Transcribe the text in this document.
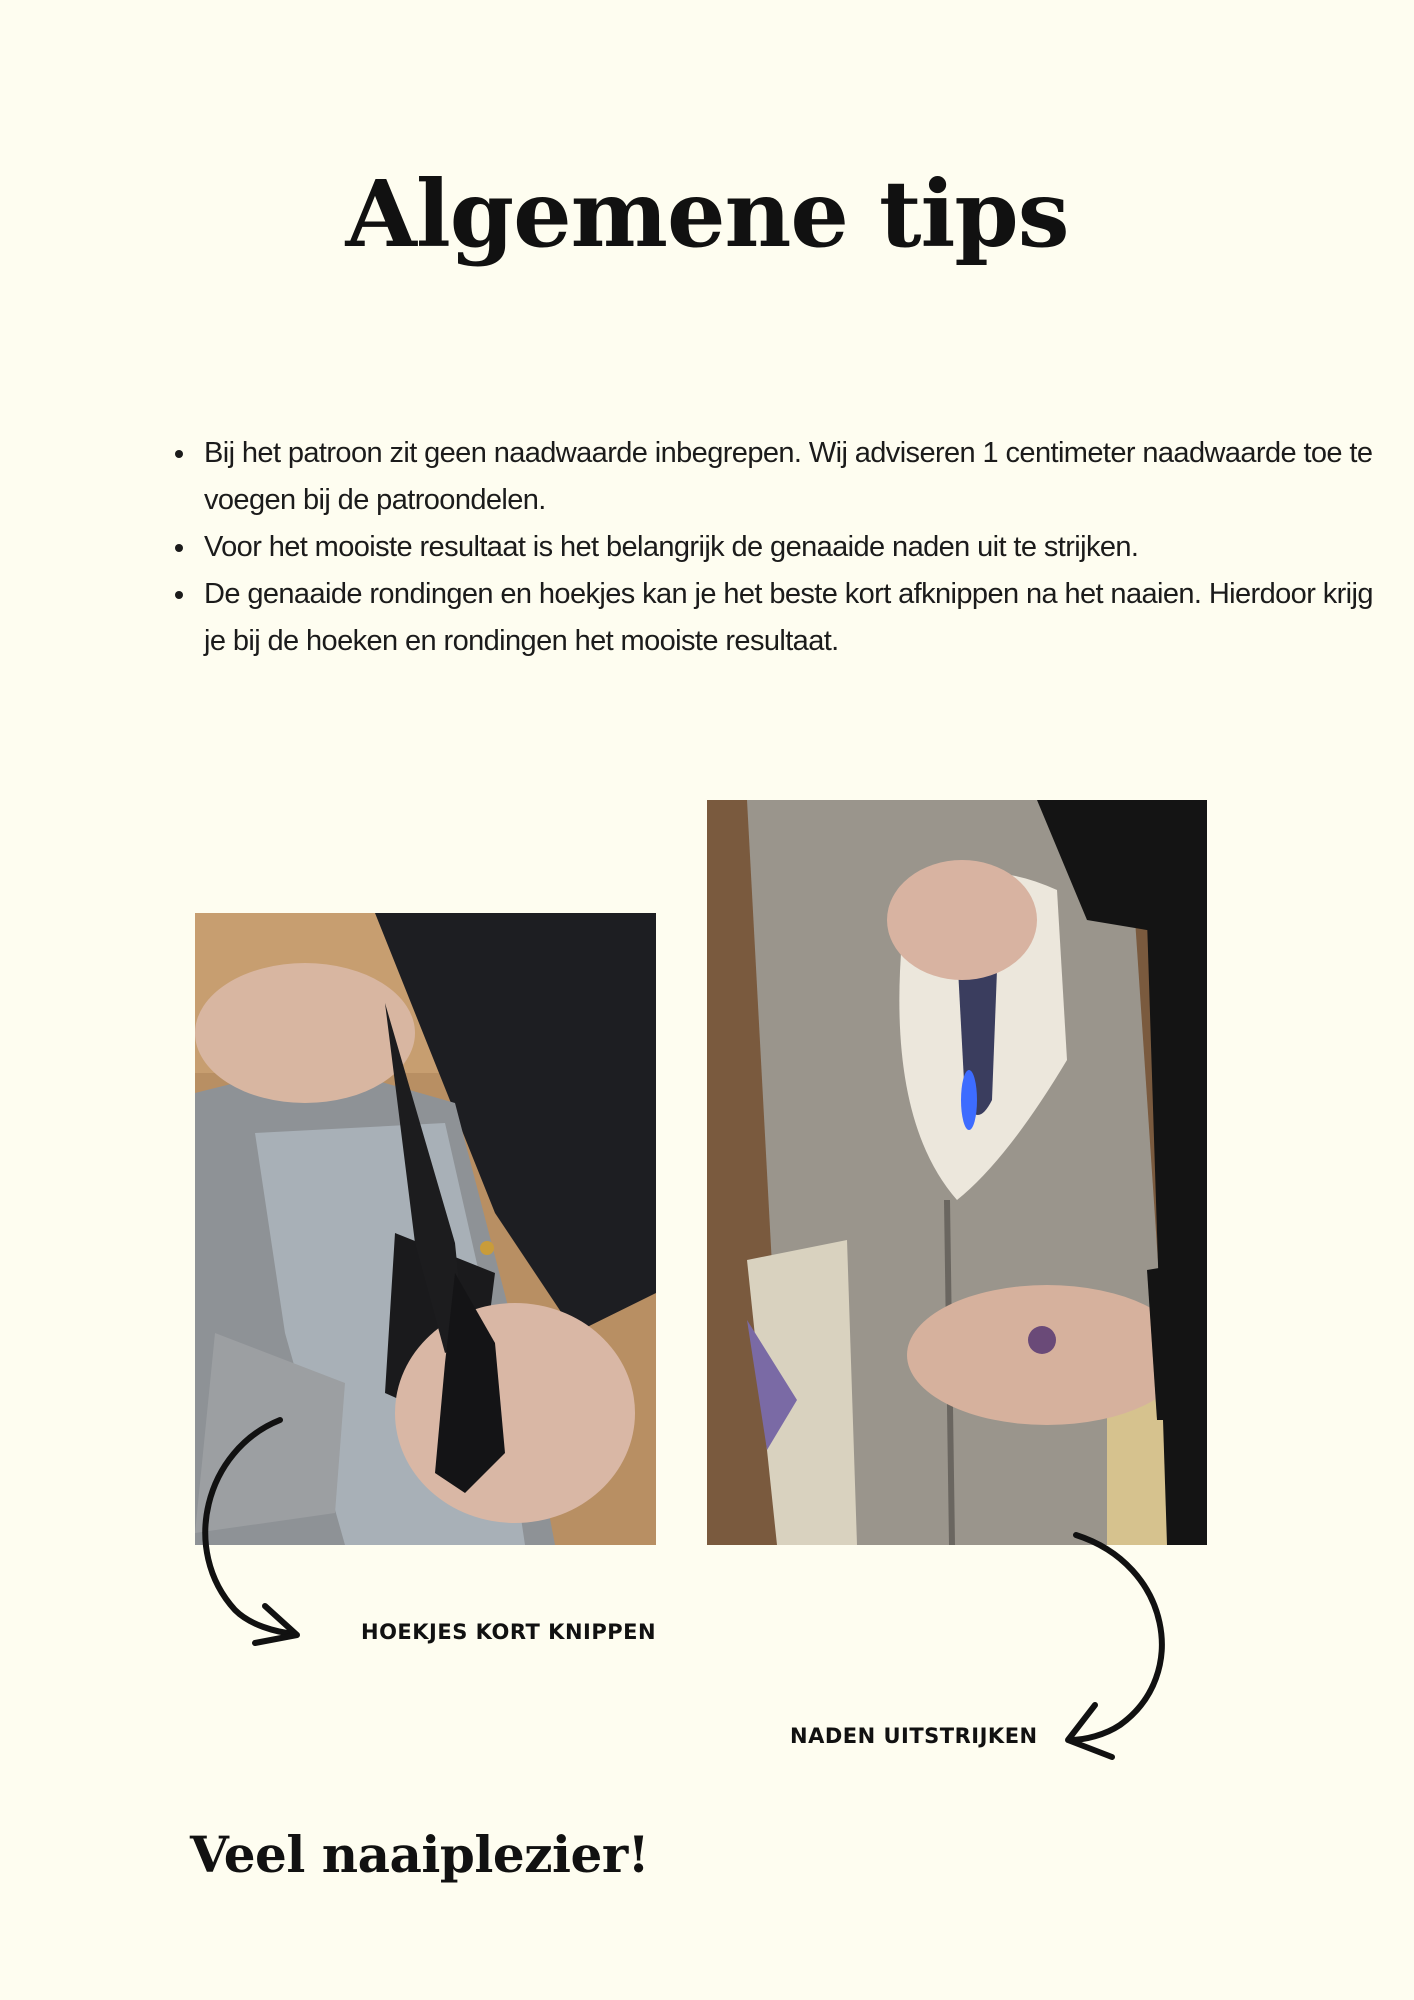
Algemene tips
• Bij het patroon zit geen naadwaarde inbegrepen. Wij adviseren 1 centimeter naadwaarde toe te voegen bij de patroondelen.
• Voor het mooiste resultaat is het belangrijk de genaaide naden uit te strijken.
• De genaaide rondingen en hoekjes kan je het beste kort afknippen na het naaien. Hierdoor krijg je bij de hoeken en rondingen het mooiste resultaat.
HOEKJES KORT KNIPPEN
NADEN UITSTRIJKEN

Veel naaiplezier!
